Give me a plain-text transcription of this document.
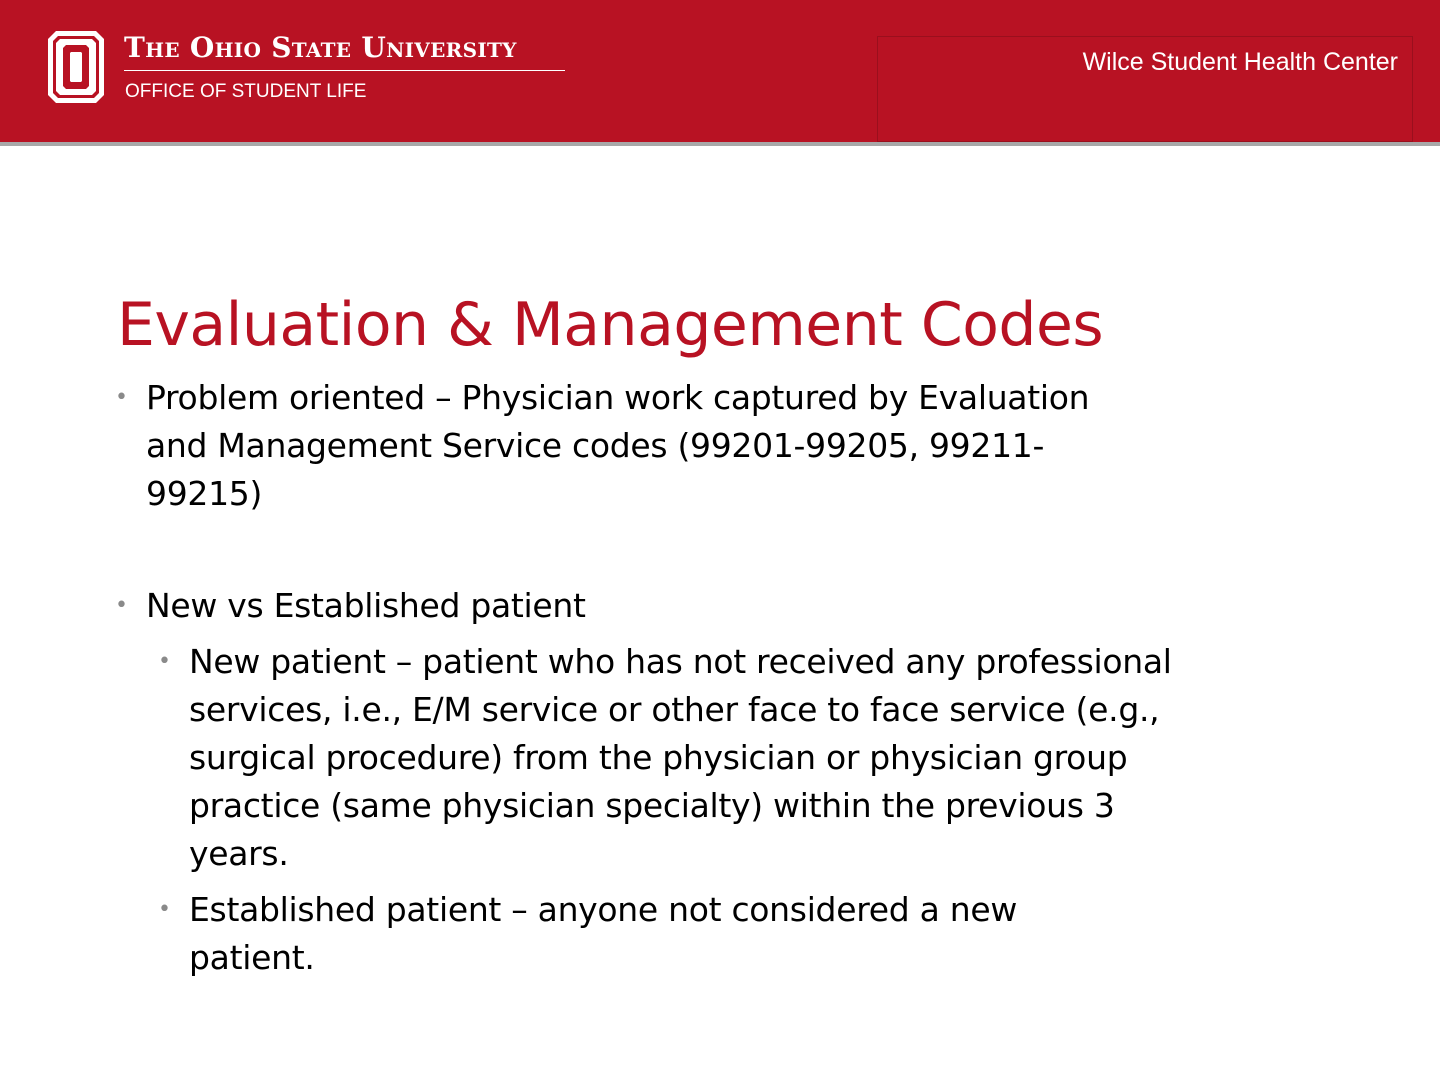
The Ohio State University
OFFICE OF STUDENT LIFE
Wilce Student Health Center
Evaluation & Management Codes
• Problem oriented – Physician work captured by Evaluation and Management Service codes (99201-99205, 99211-99215)
• New vs Established patient
• New patient – patient who has not received any professional services, i.e., E/M service or other face to face service (e.g., surgical procedure) from the physician or physician group practice (same physician specialty) within the previous 3 years.
• Established patient – anyone not considered a new patient.
